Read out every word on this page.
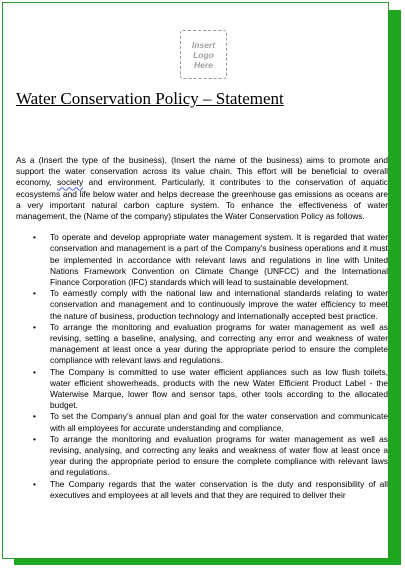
Insert
Logo
Here
Water Conservation Policy – Statement

As a (Insert the type of the business), (Insert the name of the business) aims to promote and support the water conservation across its value chain. This effort will be beneficial to overall economy, society and environment. Particularly, it contributes to the conservation of aquatic ecosystems and life below water and helps decrease the greenhouse gas emissions as oceans are a very important natural carbon capture system. To enhance the effectiveness of water management, the (Name of the company) stipulates the Water Conservation Policy as follows.

• To operate and develop appropriate water management system. It is regarded that water conservation and management is a part of the Company’s business operations and it must be implemented in accordance with relevant laws and regulations in line with United Nations Framework Convention on Climate Change (UNFCC) and the International Finance Corporation (IFC) standards which will lead to sustainable development.
• To earnestly comply with the national law and international standards relating to water conservation and management and to continuously improve the water efficiency to meet the nature of business, production technology and internationally accepted best practice.
• To arrange the monitoring and evaluation programs for water management as well as revising, setting a baseline, analysing, and correcting any error and weakness of water management at least once a year during the appropriate period to ensure the complete compliance with relevant laws and regulations.
• The Company is committed to use water efficient appliances such as low flush toilets, water efficient showerheads, products with the new Water Efficient Product Label - the Waterwise Marque, lower flow and sensor taps, other tools according to the allocated budget.
• To set the Company’s annual plan and goal for the water conservation and communicate with all employees for accurate understanding and compliance.
• To arrange the monitoring and evaluation programs for water management as well as revising, analysing, and correcting any leaks and weakness of water flow at least once a year during the appropriate period to ensure the complete compliance with relevant laws and regulations.
• The Company regards that the water conservation is the duty and responsibility of all executives and employees at all levels and that they are required to deliver their
